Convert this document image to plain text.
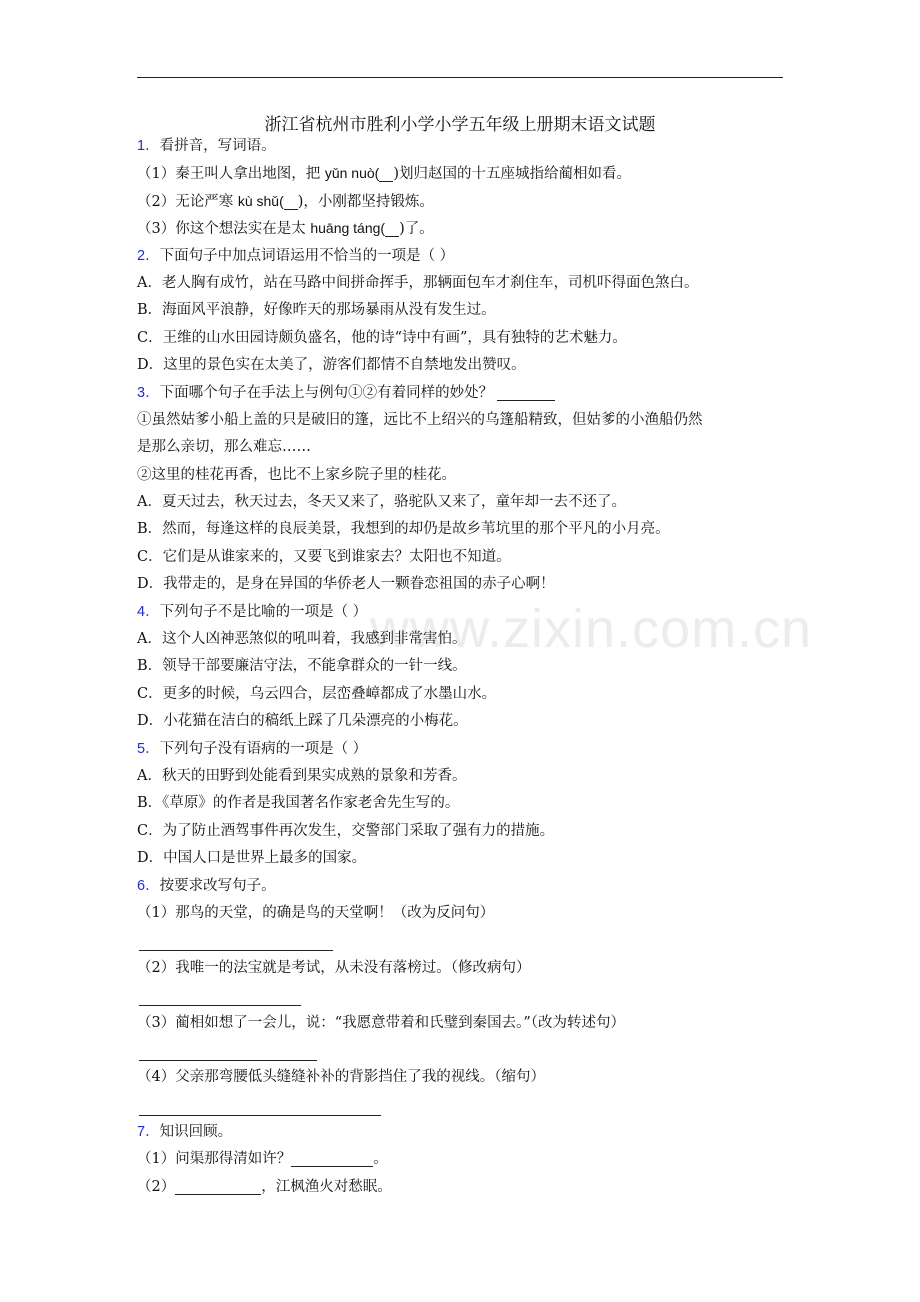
浙江省杭州市胜利小学小学五年级上册期末语文试题
www.zixin.com.cn
1．看拼音，写词语。
（1）秦王叫人拿出地图，把 yǔn nuò( )划归赵国的十五座城指给蔺相如看。
（2）无论严寒 kù shǔ( )，小刚都坚持锻炼。
（3）你这个想法实在是太 huāng táng( )了。
2．下面句子中加点词语运用不恰当的一项是（ ）
A．老人胸有成竹，站在马路中间拼命挥手，那辆面包车才刹住车，司机吓得面色煞白。
B．海面风平浪静，好像昨天的那场暴雨从没有发生过。
C．王维的山水田园诗颇负盛名，他的诗“诗中有画”，具有独特的艺术魅力。
D．这里的景色实在太美了，游客们都情不自禁地发出赞叹。
3．下面哪个句子在手法上与例句①②有着同样的妙处？
①虽然姑爹小船上盖的只是破旧的篷，远比不上绍兴的乌篷船精致，但姑爹的小渔船仍然
是那么亲切，那么难忘……
②这里的桂花再香，也比不上家乡院子里的桂花。
A．夏天过去，秋天过去，冬天又来了，骆驼队又来了，童年却一去不还了。
B．然而，每逢这样的良辰美景，我想到的却仍是故乡苇坑里的那个平凡的小月亮。
C．它们是从谁家来的，又要飞到谁家去？太阳也不知道。
D．我带走的，是身在异国的华侨老人一颗眷恋祖国的赤子心啊！
4．下列句子不是比喻的一项是（ ）
A．这个人凶神恶煞似的吼叫着，我感到非常害怕。
B．领导干部要廉洁守法，不能拿群众的一针一线。
C．更多的时候，乌云四合，层峦叠嶂都成了水墨山水。
D．小花猫在洁白的稿纸上踩了几朵漂亮的小梅花。
5．下列句子没有语病的一项是（ ）
A．秋天的田野到处能看到果实成熟的景象和芳香。
B．《草原》的作者是我国著名作家老舍先生写的。
C．为了防止酒驾事件再次发生，交警部门采取了强有力的措施。
D．中国人口是世界上最多的国家。
6．按要求改写句子。
（1）那鸟的天堂，的确是鸟的天堂啊！（改为反问句）
（2）我唯一的法宝就是考试，从未没有落榜过。（修改病句）
（3）蔺相如想了一会儿，说：“我愿意带着和氏璧到秦国去。”（改为转述句）
（4）父亲那弯腰低头缝缝补补的背影挡住了我的视线。（缩句）
7．知识回顾。
（1）问渠那得清如许？	。
（2）	，江枫渔火对愁眠。
